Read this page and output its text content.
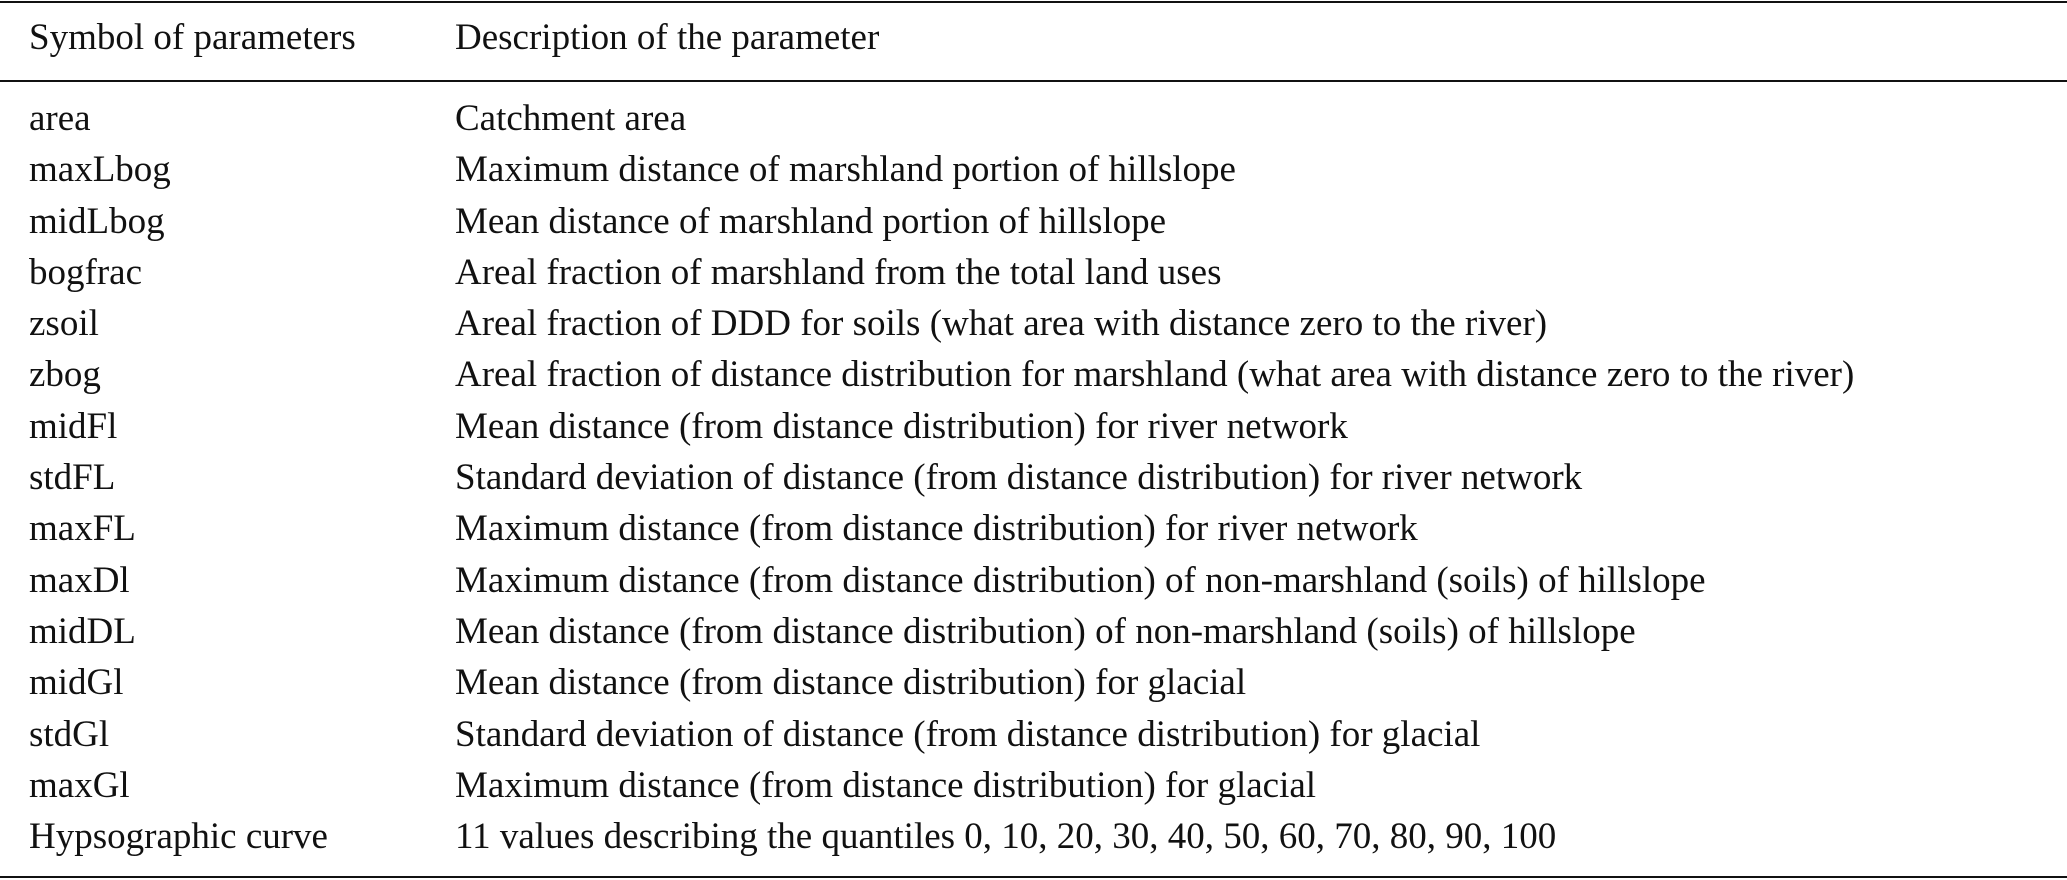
Symbol of parameters	Description of the parameter
area	Catchment area
maxLbog	Maximum distance of marshland portion of hillslope
midLbog	Mean distance of marshland portion of hillslope
bogfrac	Areal fraction of marshland from the total land uses
zsoil	Areal fraction of DDD for soils (what area with distance zero to the river)
zbog	Areal fraction of distance distribution for marshland (what area with distance zero to the river)
midFl	Mean distance (from distance distribution) for river network
stdFL	Standard deviation of distance (from distance distribution) for river network
maxFL	Maximum distance (from distance distribution) for river network
maxDl	Maximum distance (from distance distribution) of non-marshland (soils) of hillslope
midDL	Mean distance (from distance distribution) of non-marshland (soils) of hillslope
midGl	Mean distance (from distance distribution) for glacial
stdGl	Standard deviation of distance (from distance distribution) for glacial
maxGl	Maximum distance (from distance distribution) for glacial
Hypsographic curve	11 values describing the quantiles 0, 10, 20, 30, 40, 50, 60, 70, 80, 90, 100
